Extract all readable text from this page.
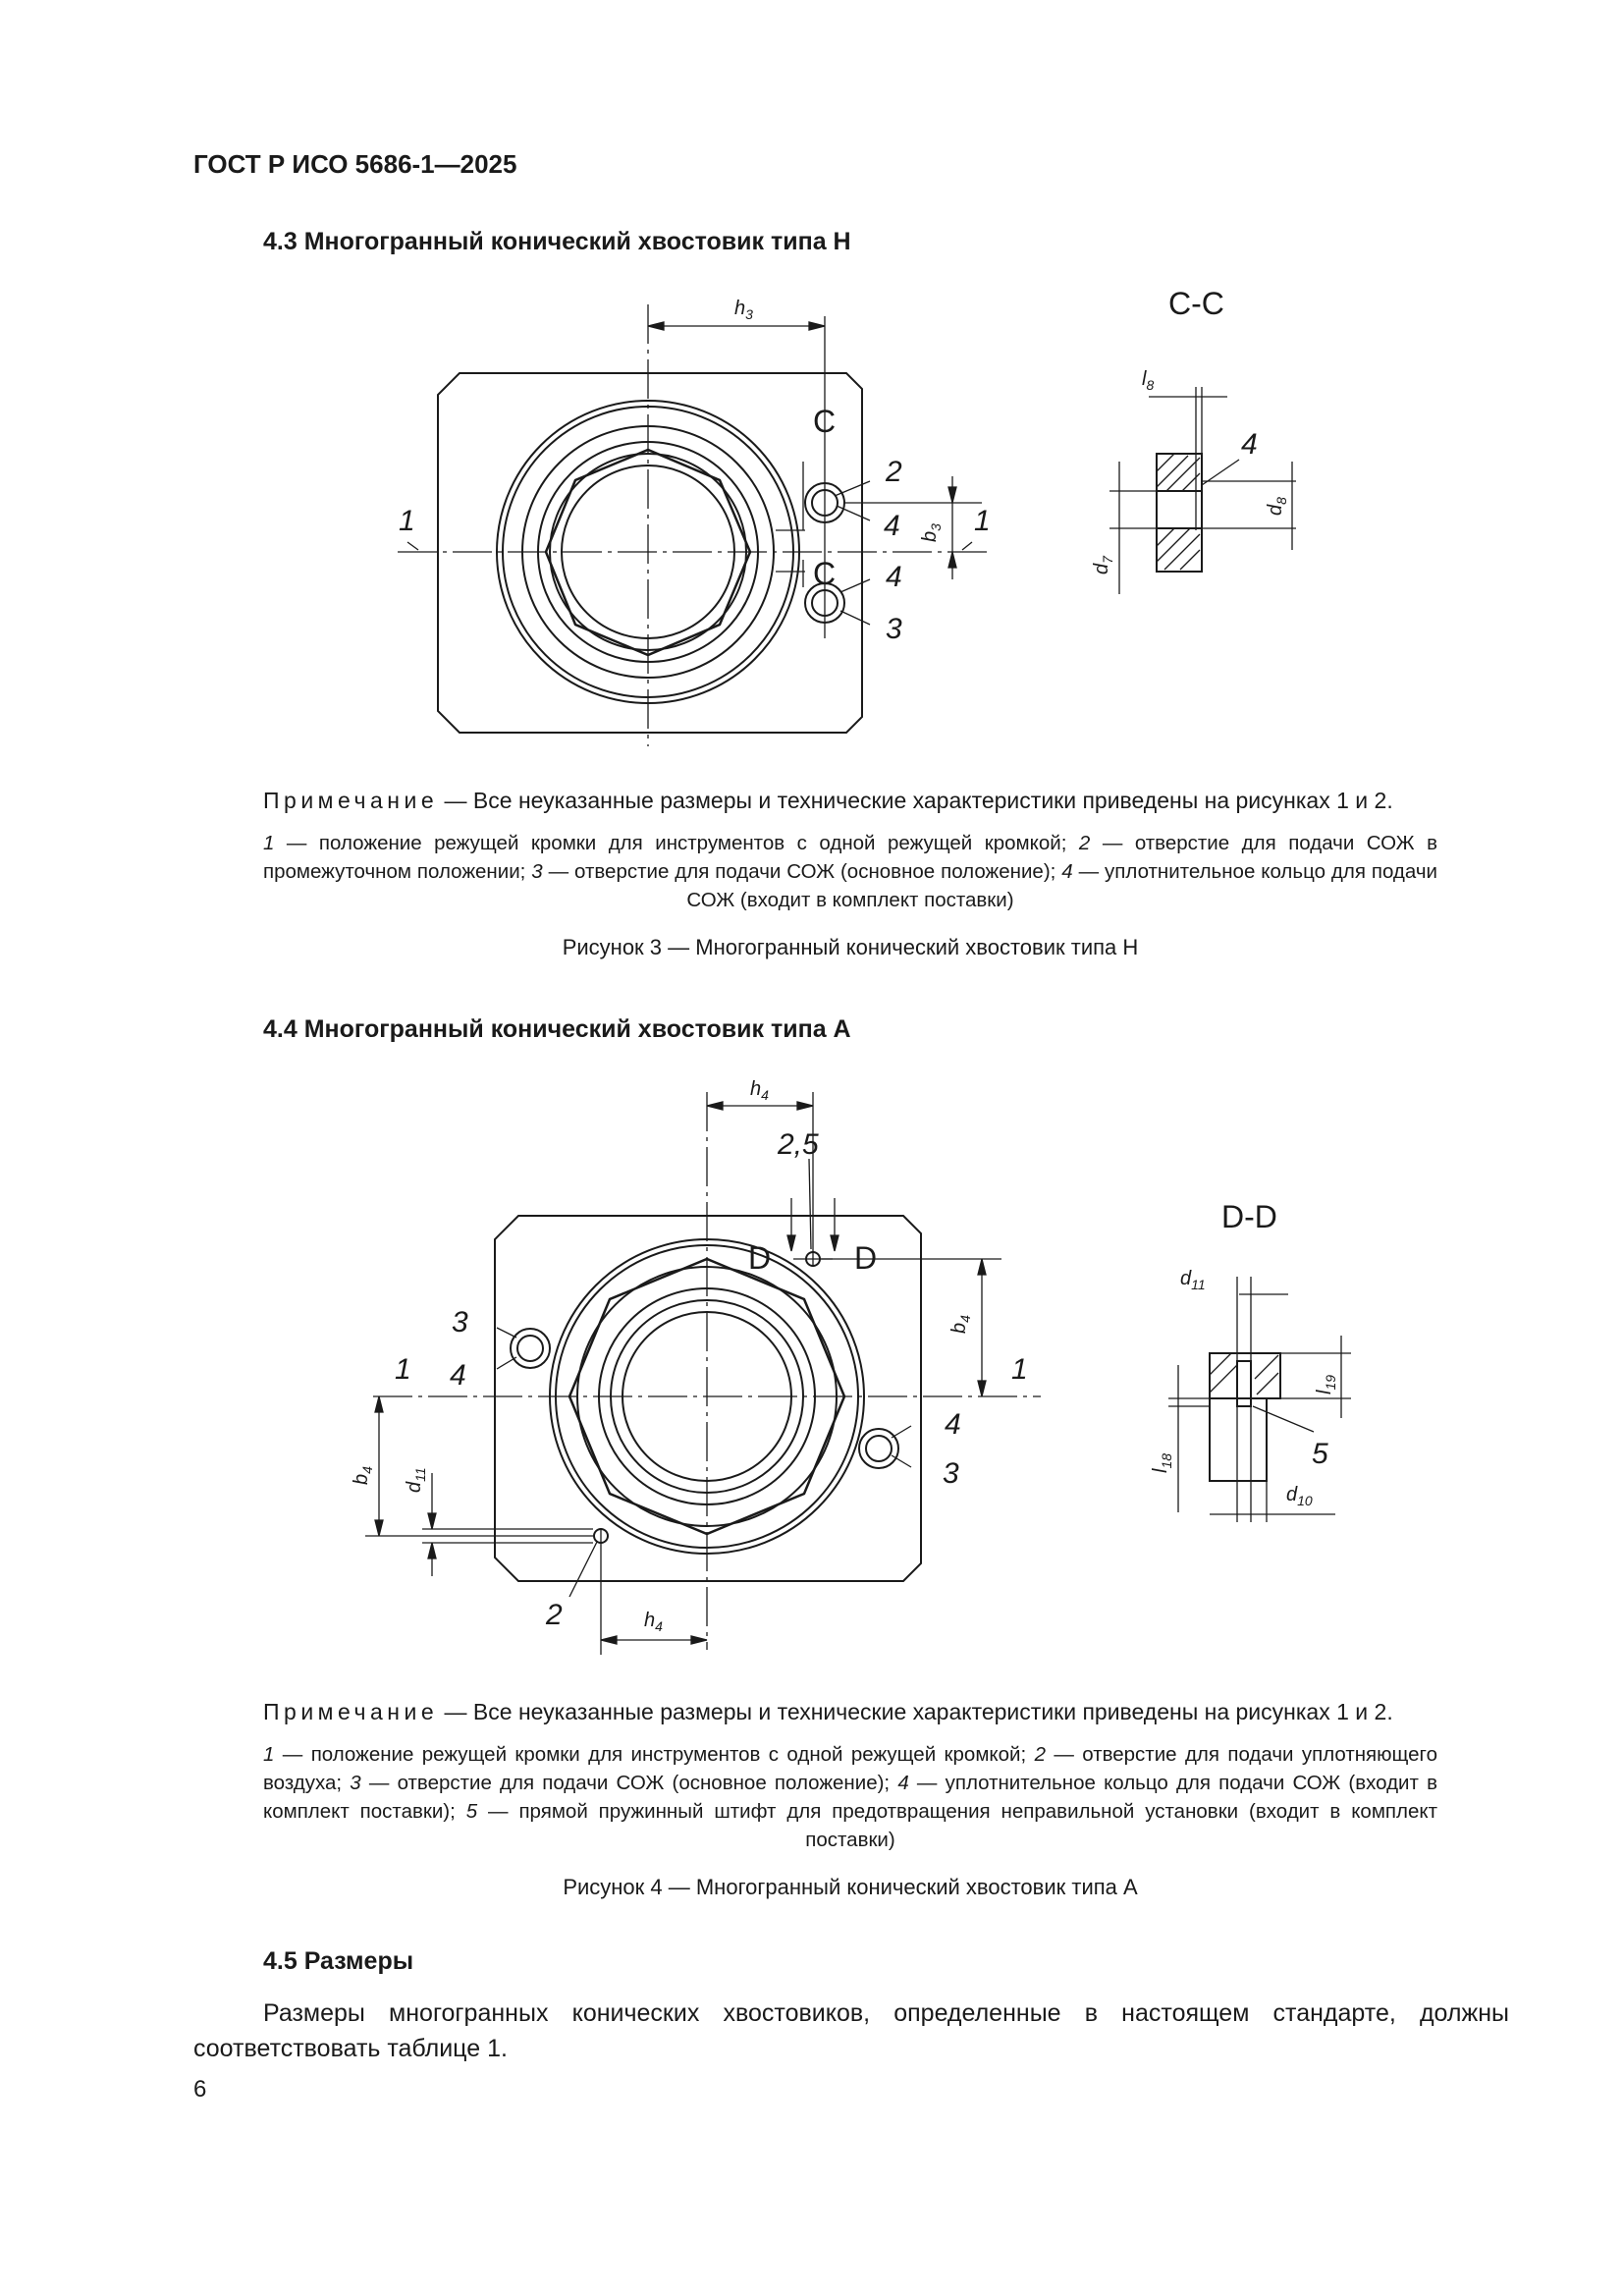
ГОСТ Р ИСО 5686-1—2025
4.3 Многогранный конический хвостовик типа H
C
C
1	1
2
4
4
3
$h_3$
$b_3$
C-C
4
$l_8$
$d_7$
$d_8$
Примечание — Все неуказанные размеры и технические характеристики приведены на рисунках 1 и 2.
1 — положение режущей кромки для инструментов с одной режущей кромкой; 2 — отверстие для подачи СОЖ в промежуточном положении; 3 — отверстие для подачи СОЖ (основное положение); 4 — уплотнительное кольцо для подачи СОЖ (входит в комплект поставки)
Рисунок 3 — Многогранный конический хвостовик типа H
4.4 Многогранный конический хвостовик типа A
D	D
2,5
1	1
3
4
4
3
2
$h_4$
$h_4$
$b_4$
$b_4$
$d_{11}$
D-D
5
$d_{11}$
$d_{10}$
$l_{18}$
$l_{19}$
Примечание — Все неуказанные размеры и технические характеристики приведены на рисунках 1 и 2.
1 — положение режущей кромки для инструментов с одной режущей кромкой; 2 — отверстие для подачи уплотняющего воздуха; 3 — отверстие для подачи СОЖ (основное положение); 4 — уплотнительное кольцо для подачи СОЖ (входит в комплект поставки); 5 — прямой пружинный штифт для предотвращения неправильной установки (входит в комплект поставки)
Рисунок 4 — Многогранный конический хвостовик типа A
4.5 Размеры
Размеры многогранных конических хвостовиков, определенные в настоящем стандарте, должны соответствовать таблице 1.
6
